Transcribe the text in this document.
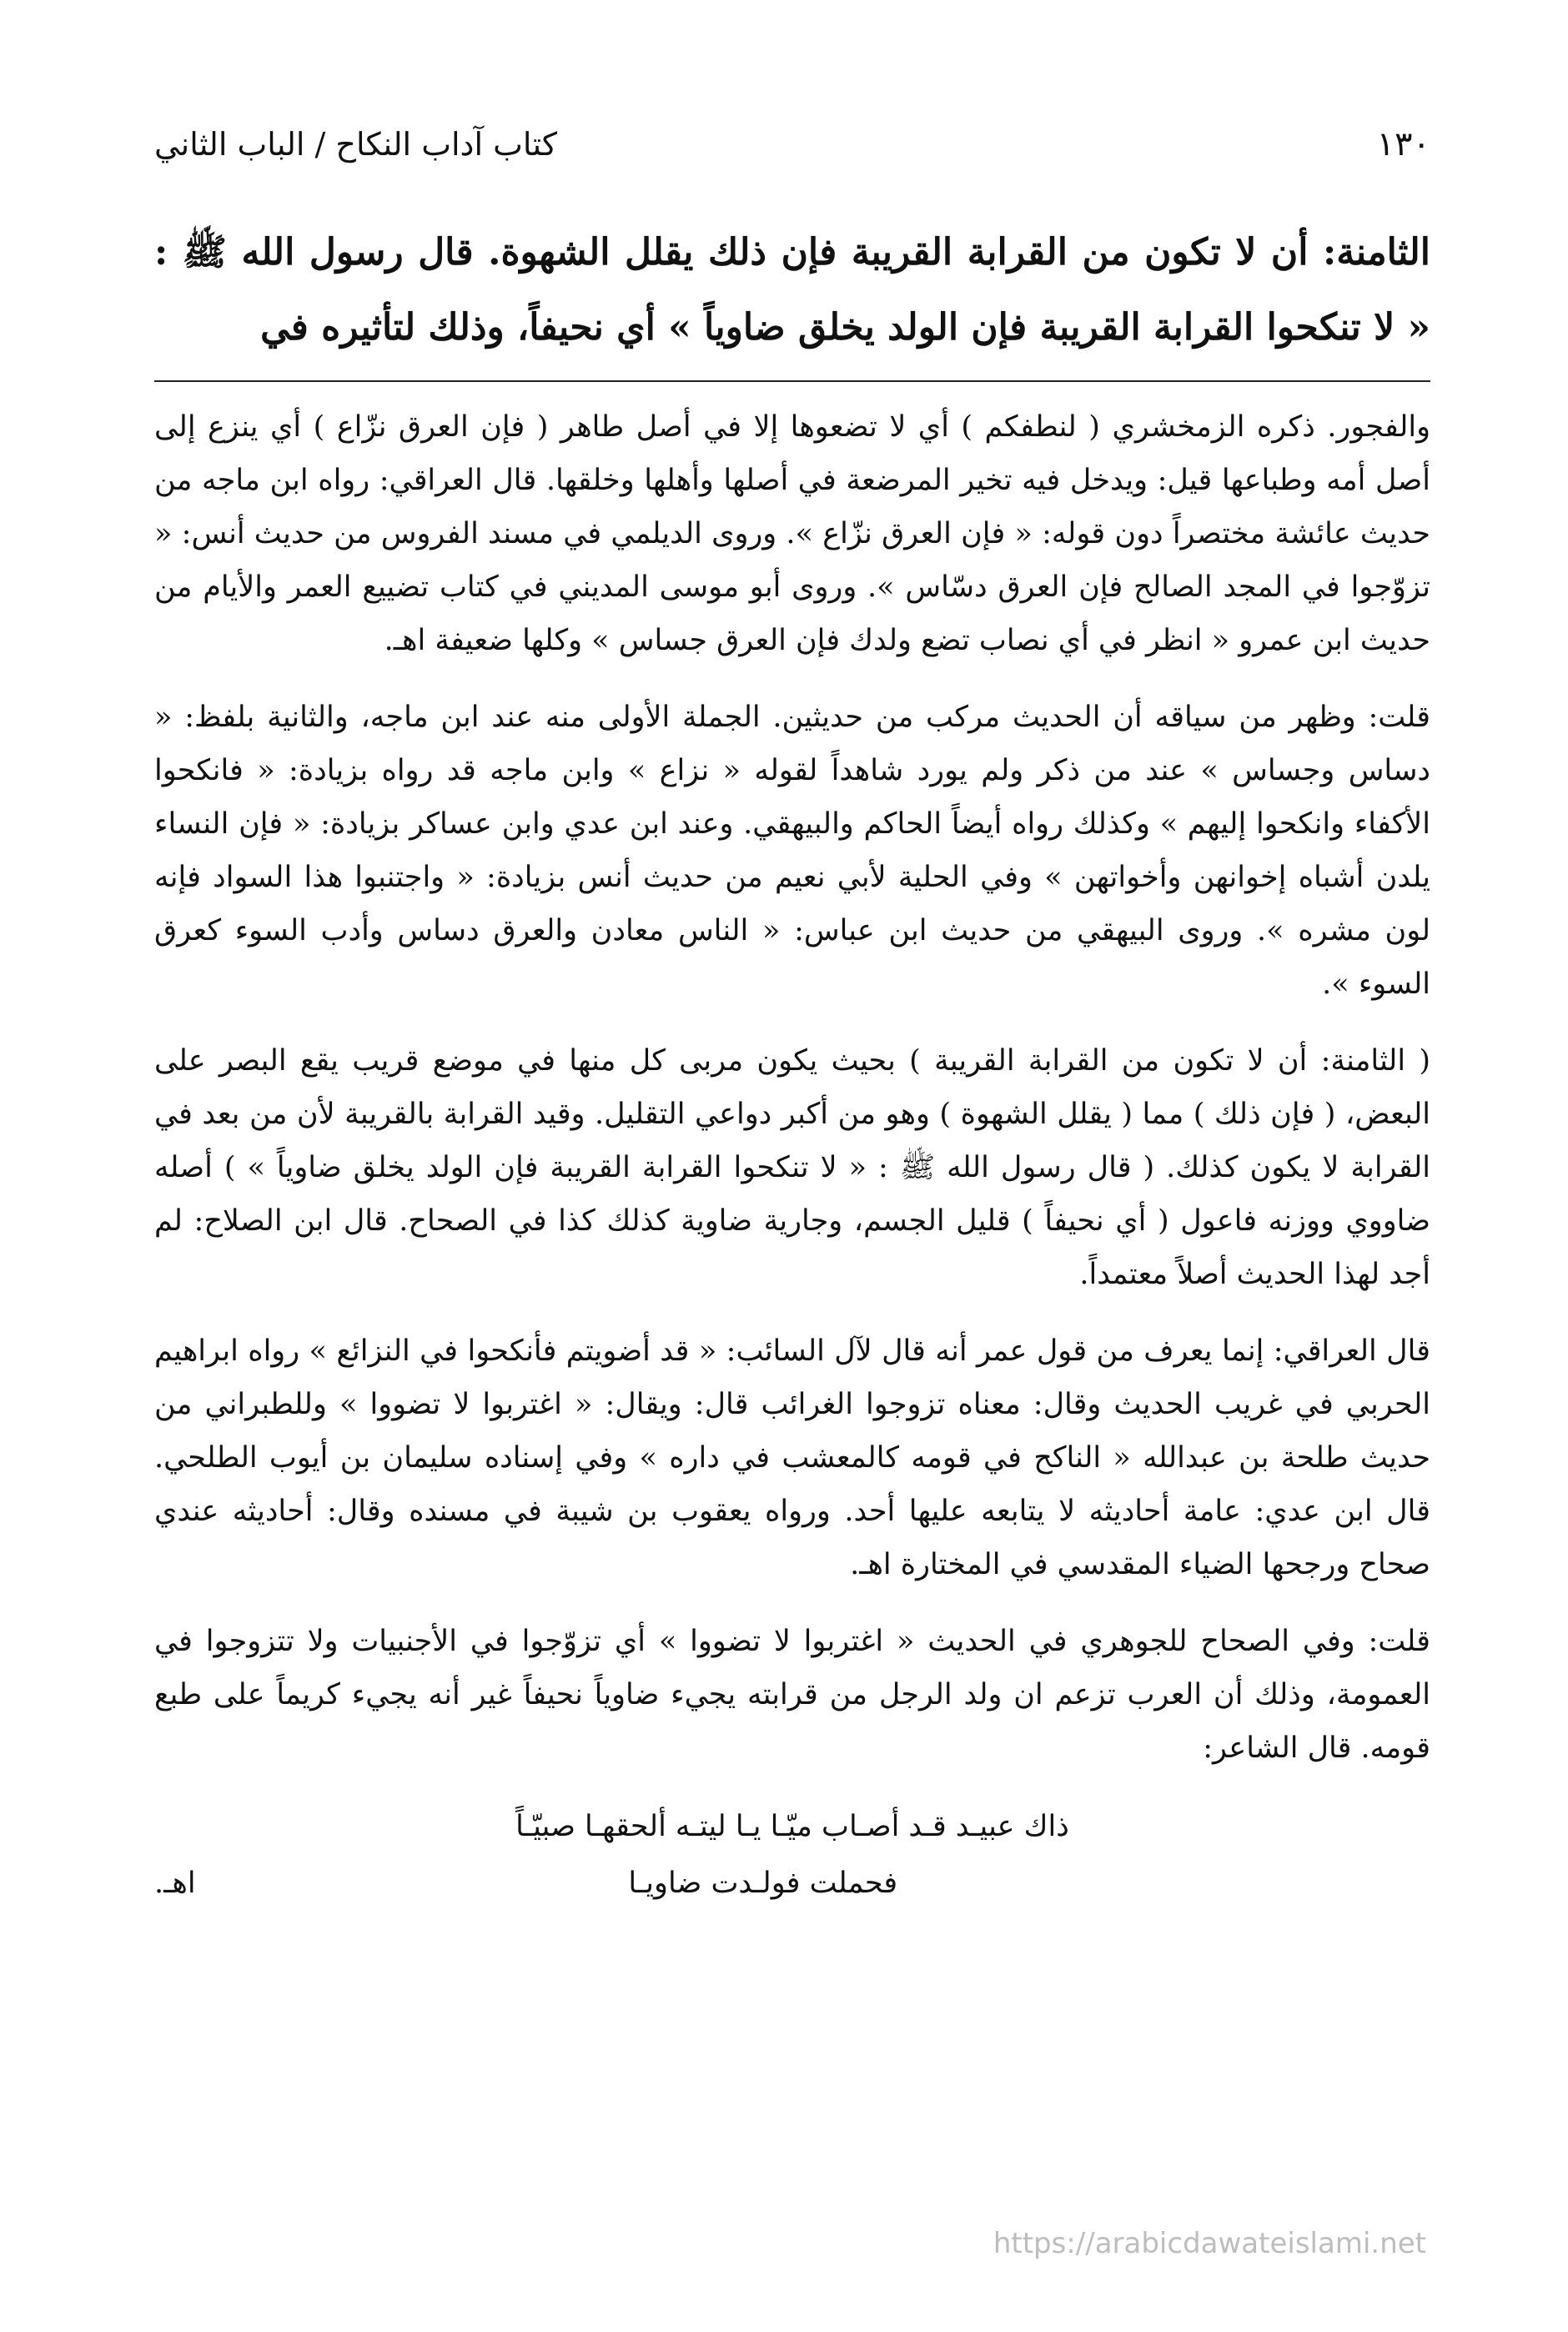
١٣٠
كتاب آداب النكاح / الباب الثاني
الثامنة: أن لا تكون من القرابة القريبة فإن ذلك يقلل الشهوة. قال رسول الله ﷺ : « لا تنكحوا القرابة القريبة فإن الولد يخلق ضاوياً » أي نحيفاً، وذلك لتأثيره في

والفجور. ذكره الزمخشري ( لنطفكم ) أي لا تضعوها إلا في أصل طاهر ( فإن العرق نزّاع ) أي ينزع إلى أصل أمه وطباعها قيل: ويدخل فيه تخير المرضعة في أصلها وأهلها وخلقها. قال العراقي: رواه ابن ماجه من حديث عائشة مختصراً دون قوله: « فإن العرق نزّاع ». وروى الديلمي في مسند الفروس من حديث أنس: « تزوّجوا في المجد الصالح فإن العرق دسّاس ». وروى أبو موسى المديني في كتاب تضييع العمر والأيام من حديث ابن عمرو « انظر في أي نصاب تضع ولدك فإن العرق جساس » وكلها ضعيفة اهـ.

قلت: وظهر من سياقه أن الحديث مركب من حديثين. الجملة الأولى منه عند ابن ماجه، والثانية بلفظ: « دساس وجساس » عند من ذكر ولم يورد شاهداً لقوله « نزاع » وابن ماجه قد رواه بزيادة: « فانكحوا الأكفاء وانكحوا إليهم » وكذلك رواه أيضاً الحاكم والبيهقي. وعند ابن عدي وابن عساكر بزيادة: « فإن النساء يلدن أشباه إخوانهن وأخواتهن » وفي الحلية لأبي نعيم من حديث أنس بزيادة: « واجتنبوا هذا السواد فإنه لون مشره ». وروى البيهقي من حديث ابن عباس: « الناس معادن والعرق دساس وأدب السوء كعرق السوء ».

( الثامنة: أن لا تكون من القرابة القريبة ) بحيث يكون مربى كل منها في موضع قريب يقع البصر على البعض، ( فإن ذلك ) مما ( يقلل الشهوة ) وهو من أكبر دواعي التقليل. وقيد القرابة بالقريبة لأن من بعد في القرابة لا يكون كذلك. ( قال رسول الله ﷺ : « لا تنكحوا القرابة القريبة فإن الولد يخلق ضاوياً » ) أصله ضاووي ووزنه فاعول ( أي نحيفاً ) قليل الجسم، وجارية ضاوية كذلك كذا في الصحاح. قال ابن الصلاح: لم أجد لهذا الحديث أصلاً معتمداً.

قال العراقي: إنما يعرف من قول عمر أنه قال لآل السائب: « قد أضويتم فأنكحوا في النزائع » رواه ابراهيم الحربي في غريب الحديث وقال: معناه تزوجوا الغرائب قال: ويقال: « اغتربوا لا تضووا » وللطبراني من حديث طلحة بن عبدالله « الناكح في قومه كالمعشب في داره » وفي إسناده سليمان بن أيوب الطلحي. قال ابن عدي: عامة أحاديثه لا يتابعه عليها أحد. ورواه يعقوب بن شيبة في مسنده وقال: أحاديثه عندي صحاح ورجحها الضياء المقدسي في المختارة اهـ.

قلت: وفي الصحاح للجوهري في الحديث « اغتربوا لا تضووا » أي تزوّجوا في الأجنبيات ولا تتزوجوا في العمومة، وذلك أن العرب تزعم ان ولد الرجل من قرابته يجيء ضاوياً نحيفاً غير أنه يجيء كريماً على طبع قومه. قال الشاعر:

ذاك عبيـد قـد أصـاب ميّـا يـا ليتـه ألحقهـا صبيّـاً
فحملت فولـدت ضاويـا
اهـ.
https://arabicdawateislami.net
